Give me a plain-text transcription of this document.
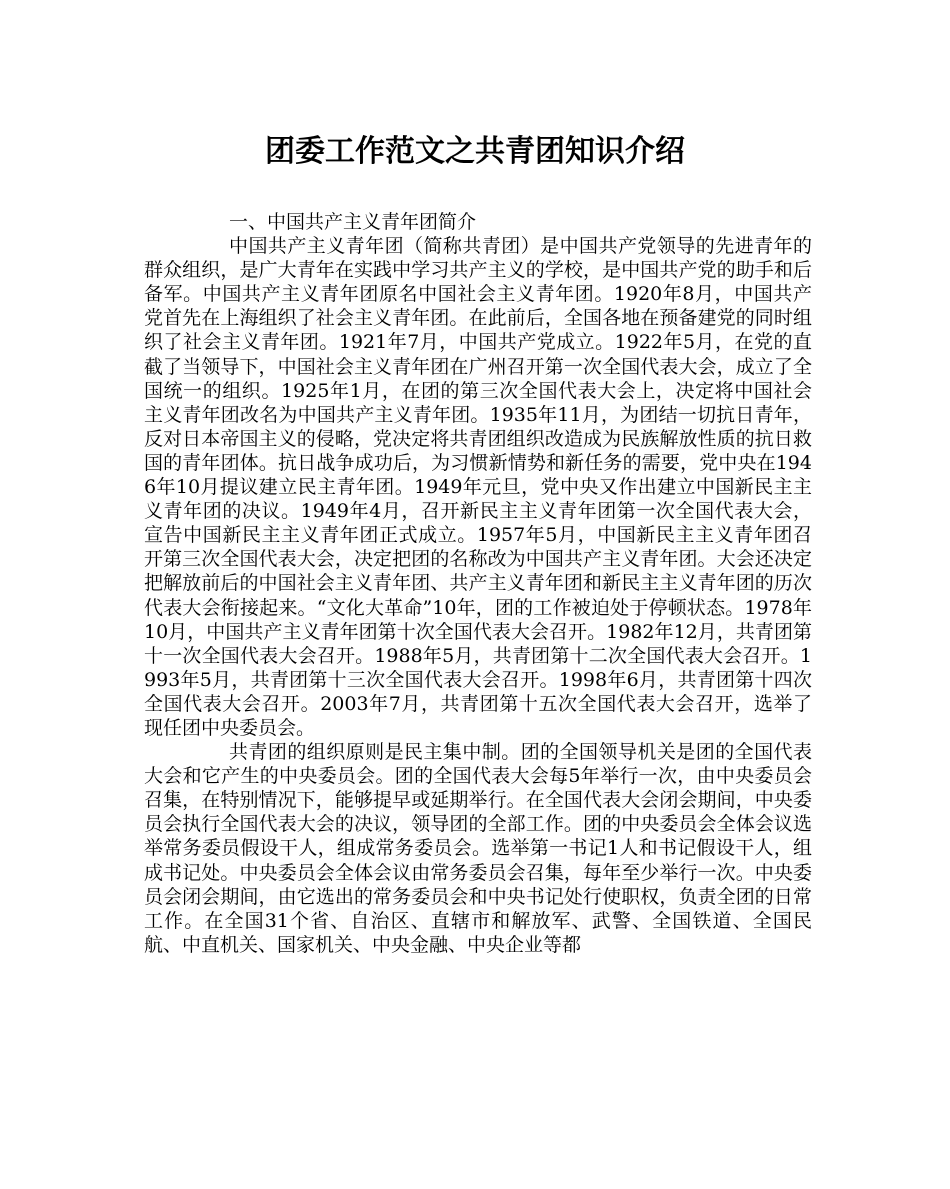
团委工作范文之共青团知识介绍

一、中国共产主义青年团简介

中国共产主义青年团（简称共青团）是中国共产党领导的先进青年的群众组织，是广大青年在实践中学习共产主义的学校，是中国共产党的助手和后备军。中国共产主义青年团原名中国社会主义青年团。1920年8月，中国共产党首先在上海组织了社会主义青年团。在此前后，全国各地在预备建党的同时组织了社会主义青年团。1921年7月，中国共产党成立。1922年5月，在党的直截了当领导下，中国社会主义青年团在广州召开第一次全国代表大会，成立了全国统一的组织。1925年1月，在团的第三次全国代表大会上，决定将中国社会主义青年团改名为中国共产主义青年团。1935年11月，为团结一切抗日青年，反对日本帝国主义的侵略，党决定将共青团组织改造成为民族解放性质的抗日救国的青年团体。抗日战争成功后，为习惯新情势和新任务的需要，党中央在1946年10月提议建立民主青年团。1949年元旦，党中央又作出建立中国新民主主义青年团的决议。1949年4月，召开新民主主义青年团第一次全国代表大会，宣告中国新民主主义青年团正式成立。1957年5月，中国新民主主义青年团召开第三次全国代表大会，决定把团的名称改为中国共产主义青年团。大会还决定把解放前后的中国社会主义青年团、共产主义青年团和新民主主义青年团的历次代表大会衔接起来。“文化大革命”10年，团的工作被迫处于停顿状态。1978年10月，中国共产主义青年团第十次全国代表大会召开。1982年12月，共青团第十一次全国代表大会召开。1988年5月，共青团第十二次全国代表大会召开。1993年5月，共青团第十三次全国代表大会召开。1998年6月，共青团第十四次全国代表大会召开。2003年7月，共青团第十五次全国代表大会召开，选举了现任团中央委员会。

共青团的组织原则是民主集中制。团的全国领导机关是团的全国代表大会和它产生的中央委员会。团的全国代表大会每5年举行一次，由中央委员会召集，在特别情况下，能够提早或延期举行。在全国代表大会闭会期间，中央委员会执行全国代表大会的决议，领导团的全部工作。团的中央委员会全体会议选举常务委员假设干人，组成常务委员会。选举第一书记1人和书记假设干人，组成书记处。中央委员会全体会议由常务委员会召集，每年至少举行一次。中央委员会闭会期间，由它选出的常务委员会和中央书记处行使职权，负责全团的日常工作。在全国31个省、自治区、直辖市和解放军、武警、全国铁道、全国民航、中直机关、国家机关、中央金融、中央企业等都
